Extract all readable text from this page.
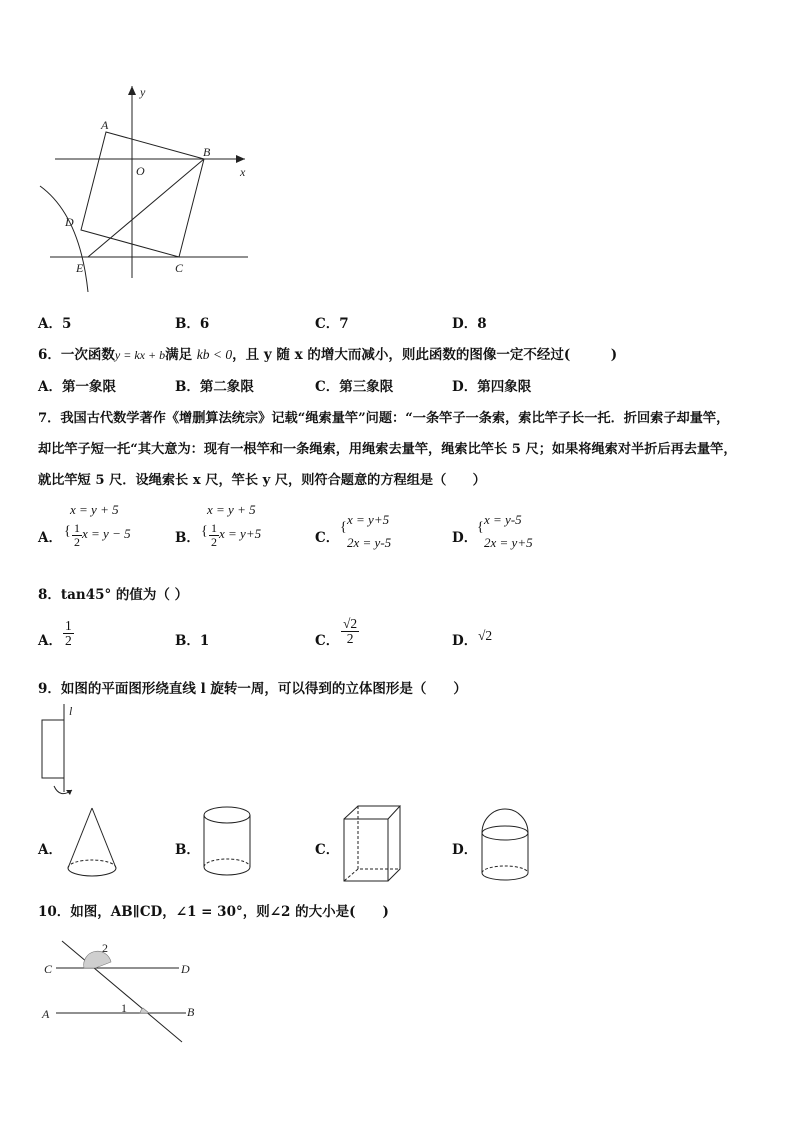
y
x
A
B
O
D
E	C
A．5	B．6	C．7	D．8
6．一次函数y = kx + b满足 kb < 0，且 y 随 x 的增大而减小，则此函数的图像一定不经过(　　　)
A．第一象限	B．第二象限	C．第三象限	D．第四象限
7．我国古代数学著作《增删算法统宗》记载“绳索量竿”问题：“一条竿子一条索，索比竿子长一托．折回索子却量竿，
却比竿子短一托“其大意为：现有一根竿和一条绳索，用绳索去量竿，绳索比竿长 5 尺；如果将绳索对半折后再去量竿，
就比竿短 5 尺．设绳索长 x 尺，竿长 y 尺，则符合题意的方程组是（　　）
A．
x = y + 5
{ $\frac{1}{2}$ x = y − 5	B．
x = y + 5
{ $\frac{1}{2}$ x = y+5	C．
x = y+5
{
2x = y-5	D．
x = y-5
{
2x = y+5
8．tan45° 的值为（ ）
A． $\frac{1}{2}$	B．1	C． $\frac{√2}{2}$	D． √2
9．如图的平面图形绕直线 l 旋转一周，可以得到的立体图形是（　　）
l
A．	B．	C．	D．
10．如图，AB∥CD，∠1 = 30°，则∠2 的大小是(　　)
C	D
A	B
1
2
